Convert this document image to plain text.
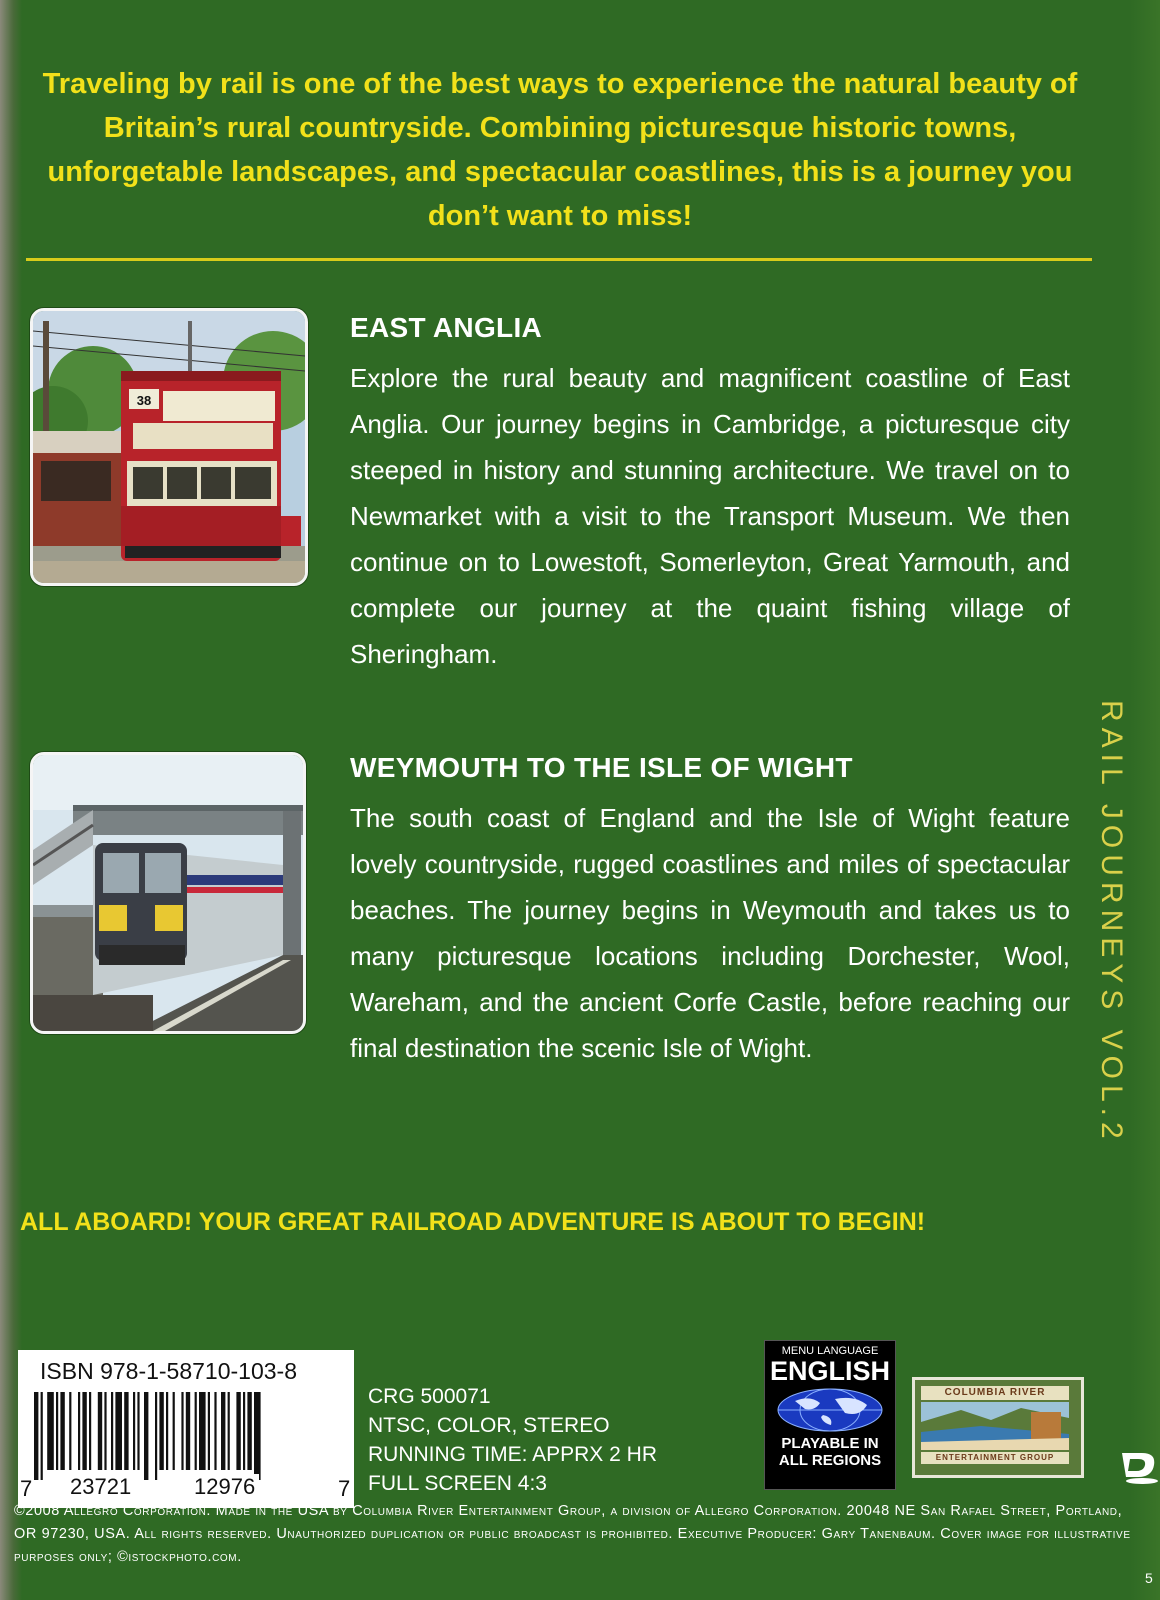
Traveling by rail is one of the best ways to experience the natural beauty of Britain’s rural countryside. Combining picturesque historic towns, unforgetable landscapes, and spectacular coastlines, this is a journey you don’t want to miss!
38
EAST ANGLIA
Explore the rural beauty and magnificent coastline of East Anglia. Our journey begins in Cambridge, a picturesque city steeped in history and stunning architecture. We travel on to Newmarket with a visit to the Transport Museum. We then continue on to Lowestoft, Somerleyton, Great Yarmouth, and complete our journey at the quaint fishing village of Sheringham.
WEYMOUTH TO THE ISLE OF WIGHT
The south coast of England and the Isle of Wight feature lovely countryside, rugged coastlines and miles of spectacular beaches. The journey begins in Weymouth and takes us to many picturesque locations including Dorchester, Wool, Wareham, and the ancient Corfe Castle, before reaching our final destination the scenic Isle of Wight.
ALL ABOARD! YOUR GREAT RAILROAD ADVENTURE IS ABOUT TO BEGIN!
RAIL JOURNEYS VOL.2
ISBN 978-1-58710-103-8
7 23721	12976	7
CRG 500071
NTSC, COLOR, STEREO
RUNNING TIME: APPRX 2 HR
FULL SCREEN 4:3
MENU LANGUAGE
ENGLISH
PLAYABLE IN
ALL REGIONS
COLUMBIA RIVER
ENTERTAINMENT GROUP
©2008 Allegro Corporation. Made in the USA by Columbia River Entertainment Group, a division of Allegro Corporation. 20048 NE San Rafael Street, Portland, OR 97230, USA. All rights reserved. Unauthorized duplication or public broadcast is prohibited. Executive Producer: Gary Tanenbaum. Cover image for illustrative purposes only; ©istockphoto.com.
5
